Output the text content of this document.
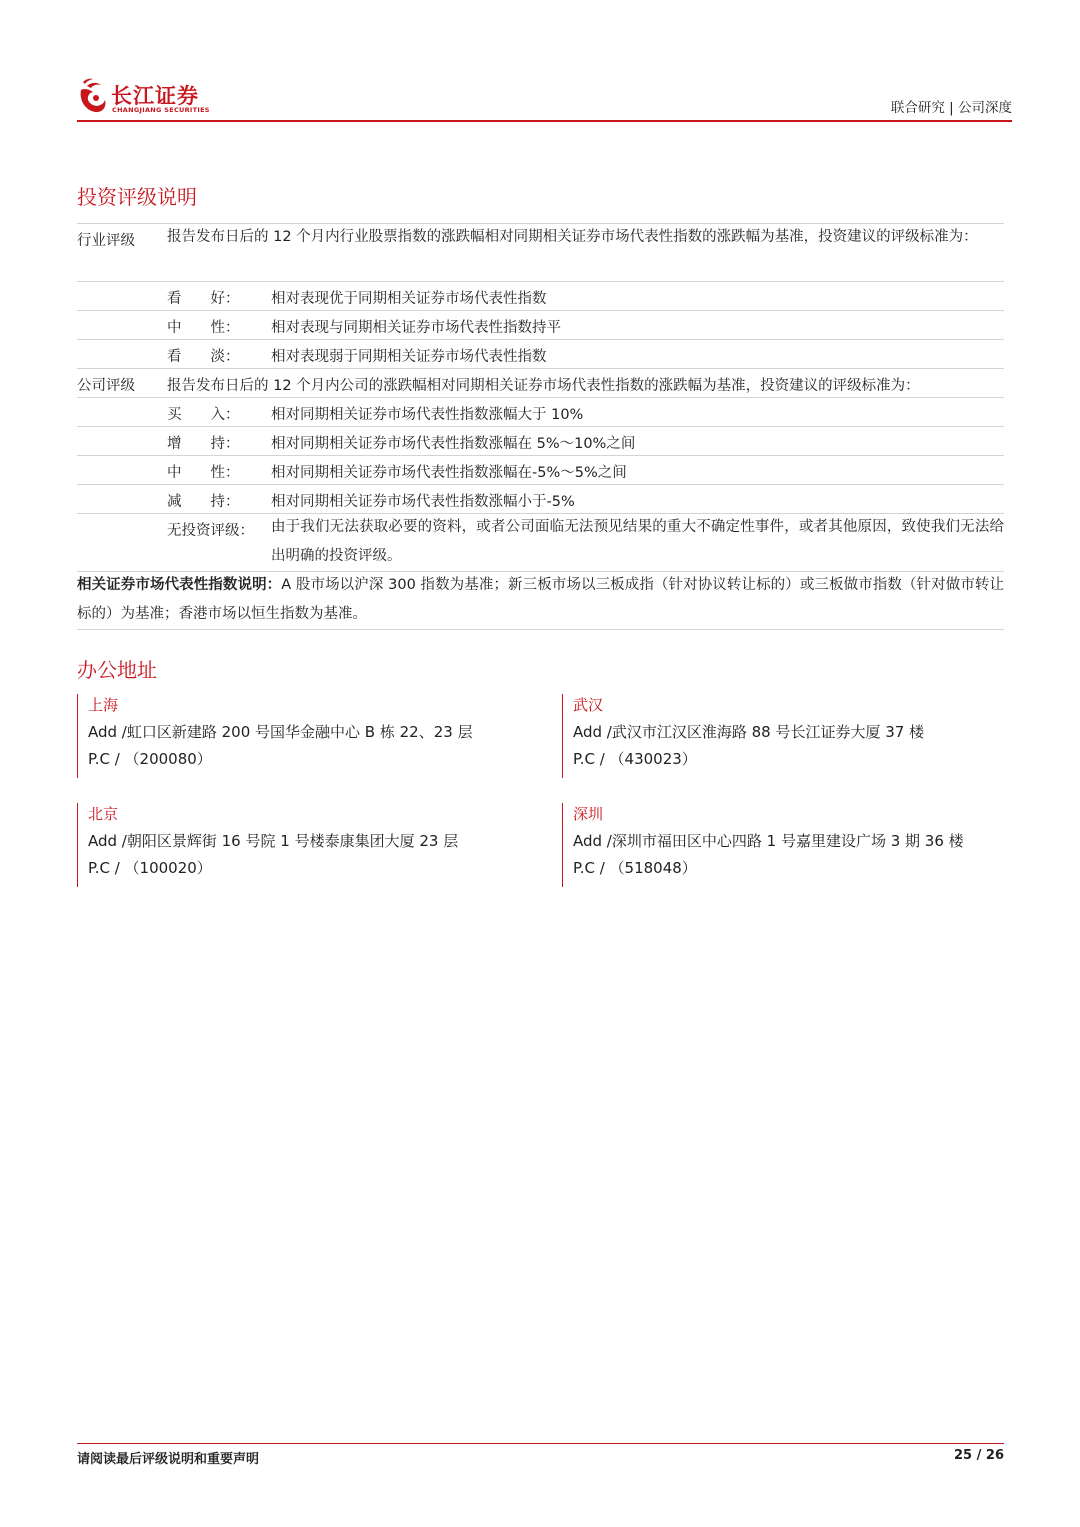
长江证券
CHANGJIANG SECURITIES	联合研究 | 公司深度
投资评级说明
行业评级 报告发布日后的 12 个月内行业股票指数的涨跌幅相对同期相关证券市场代表性指数的涨跌幅为基准，投资建议的评级标准为：
看　　好： 相对表现优于同期相关证券市场代表性指数
中　　性： 相对表现与同期相关证券市场代表性指数持平
看　　淡： 相对表现弱于同期相关证券市场代表性指数
公司评级 报告发布日后的 12 个月内公司的涨跌幅相对同期相关证券市场代表性指数的涨跌幅为基准，投资建议的评级标准为：
买　　入： 相对同期相关证券市场代表性指数涨幅大于 10%
增　　持： 相对同期相关证券市场代表性指数涨幅在 5%～10%之间
中　　性： 相对同期相关证券市场代表性指数涨幅在-5%～5%之间
减　　持： 相对同期相关证券市场代表性指数涨幅小于-5%
无投资评级： 由于我们无法获取必要的资料，或者公司面临无法预见结果的重大不确定性事件，或者其他原因，致使我们无法给出明确的投资评级。
相关证券市场代表性指数说明：A 股市场以沪深 300 指数为基准；新三板市场以三板成指（针对协议转让标的）或三板做市指数（针对做市转让标的）为基准；香港市场以恒生指数为基准。
办公地址
上海
Add /虹口区新建路 200 号国华金融中心 B 栋 22、23 层
P.C / （200080）
武汉
Add /武汉市江汉区淮海路 88 号长江证券大厦 37 楼
P.C / （430023）
北京
Add /朝阳区景辉街 16 号院 1 号楼泰康集团大厦 23 层
P.C / （100020）
深圳
Add /深圳市福田区中心四路 1 号嘉里建设广场 3 期 36 楼
P.C / （518048）
请阅读最后评级说明和重要声明	25 / 26
